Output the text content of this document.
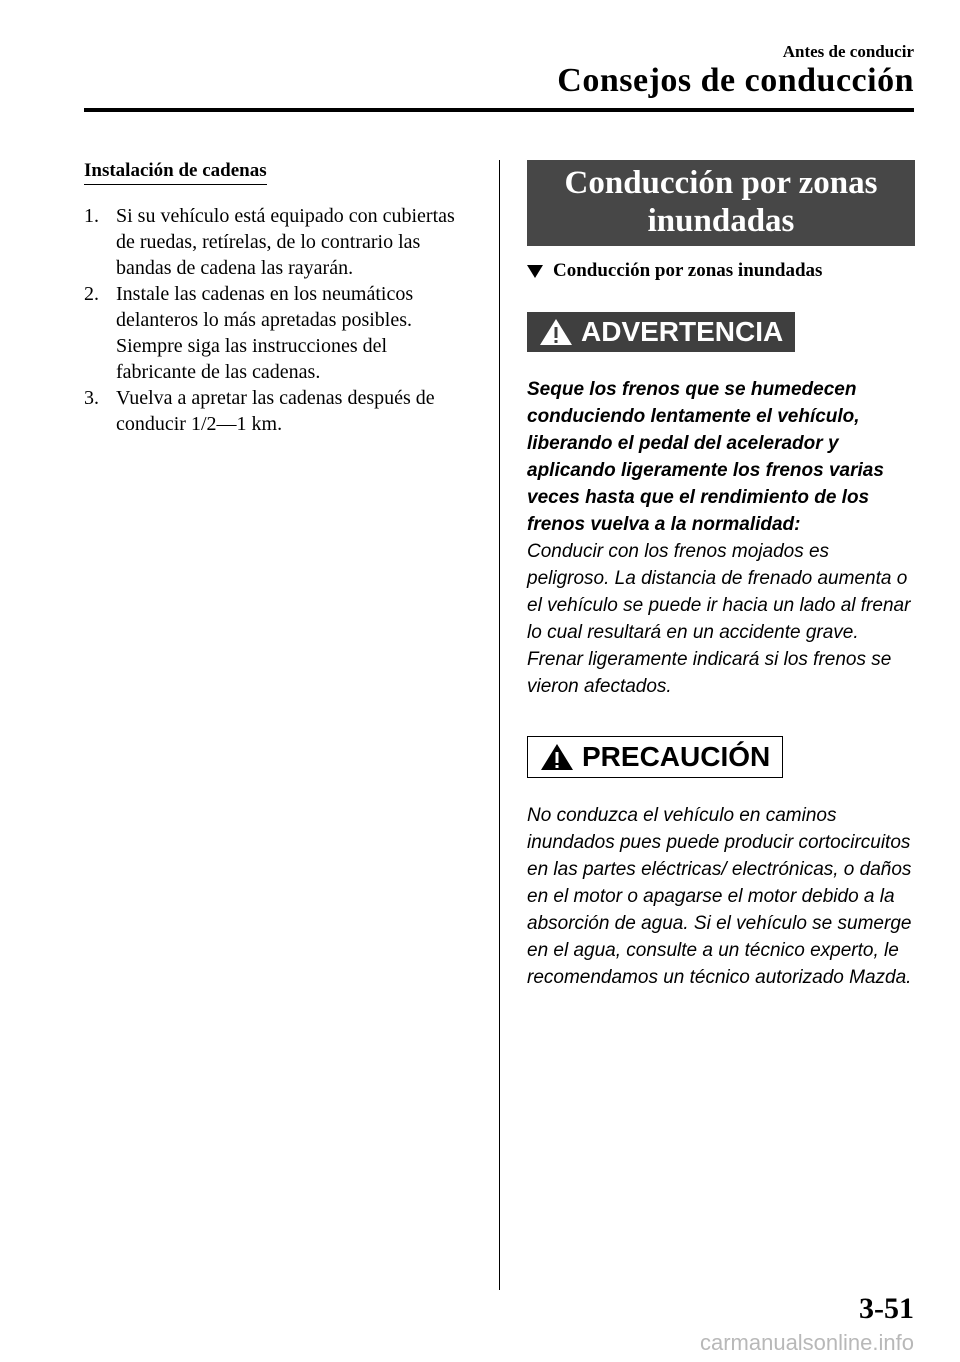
Antes de conducir
Consejos de conducción
Instalación de cadenas
1. Si su vehículo está equipado con cubiertas de ruedas, retírelas, de lo contrario las bandas de cadena las rayarán.
2. Instale las cadenas en los neumáticos delanteros lo más apretadas posibles. Siempre siga las instrucciones del fabricante de las cadenas.
3. Vuelva a apretar las cadenas después de conducir 1/2―1 km.
Conducción por zonas
inundadas
Conducción por zonas inundadas
ADVERTENCIA
Seque los frenos que se humedecen conduciendo lentamente el vehículo, liberando el pedal del acelerador y aplicando ligeramente los frenos varias veces hasta que el rendimiento de los frenos vuelva a la normalidad:
Conducir con los frenos mojados es peligroso. La distancia de frenado aumenta o el vehículo se puede ir hacia un lado al frenar lo cual resultará en un accidente grave. Frenar ligeramente indicará si los frenos se vieron afectados.
PRECAUCIÓN
No conduzca el vehículo en caminos inundados pues puede producir cortocircuitos en las partes eléctricas/ electrónicas, o daños en el motor o apagarse el motor debido a la absorción de agua. Si el vehículo se sumerge en el agua, consulte a un técnico experto, le recomendamos un técnico autorizado Mazda.
3-51
carmanualsonline.info
